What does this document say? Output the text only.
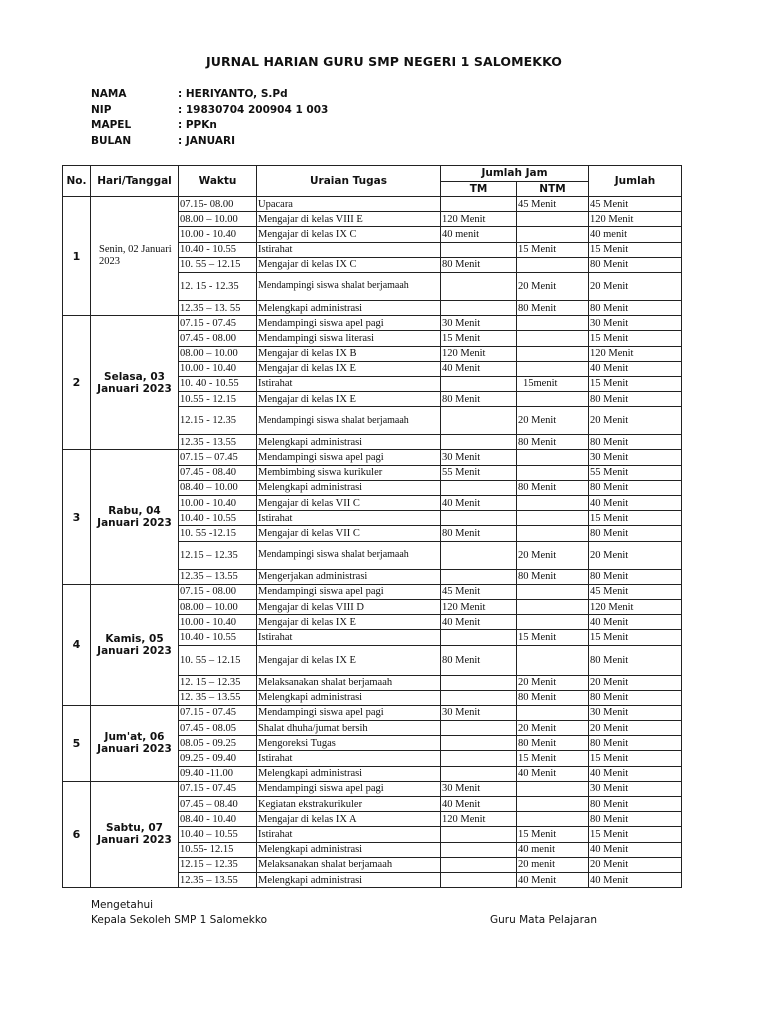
JURNAL HARIAN GURU SMP NEGERI 1 SALOMEKKO
NAMA	: HERIYANTO, S.Pd
NIP	: 19830704 200904 1 003
MAPEL	: PPKn
BULAN	: JANUARI
No.	Hari/Tanggal	Waktu	Uraian Tugas	Jumlah Jam		Jumlah
				TM	NTM	
1	Senin, 02 Januari 2023	07.15- 08.00	Upacara		45 Menit	45 Menit
		08.00 – 10.00	Mengajar di kelas VIII E	120 Menit		120 Menit
		10.00 - 10.40	Mengajar di kelas IX C	40 menit		40 menit
		10.40 - 10.55	Istirahat		15 Menit	15 Menit
		10. 55 – 12.15	Mengajar di kelas IX C	80 Menit		80 Menit
		12. 15 - 12.35	Mendampingi siswa shalat berjamaah		20 Menit	20 Menit
		12.35 – 13. 55	Melengkapi administrasi		80 Menit	80 Menit
2	Selasa, 03 Januari 2023	07.15 - 07.45	Mendampingi siswa apel pagi	30 Menit		30 Menit
		07.45 - 08.00	Mendampingi siswa literasi	15 Menit		15 Menit
		08.00 – 10.00	Mengajar di kelas IX B	120 Menit		120 Menit
		10.00 - 10.40	Mengajar di kelas IX E	40 Menit		40 Menit
		10. 40 - 10.55	Istirahat		15menit	15 Menit
		10.55 - 12.15	Mengajar di kelas IX E	80 Menit		80 Menit
		12.15 - 12.35	Mendampingi siswa shalat berjamaah		20 Menit	20 Menit
		12.35 - 13.55	Melengkapi administrasi		80 Menit	80 Menit
3	Rabu, 04 Januari 2023	07.15 – 07.45	Mendampingi siswa apel pagi	30 Menit		30 Menit
		07.45 - 08.40	Membimbing siswa kurikuler	55 Menit		55 Menit
		08.40 – 10.00	Melengkapi administrasi		80 Menit	80 Menit
		10.00 - 10.40	Mengajar di kelas VII C	40 Menit		40 Menit
		10.40 - 10.55	Istirahat			15 Menit
		10. 55 -12.15	Mengajar di kelas VII C	80 Menit		80 Menit
		12.15 – 12.35	Mendampingi siswa shalat berjamaah		20 Menit	20 Menit
		12.35 – 13.55	Mengerjakan administrasi		80 Menit	80 Menit
4	Kamis, 05 Januari 2023	07.15 - 08.00	Mendampingi siswa apel pagi	45 Menit		45 Menit
		08.00 – 10.00	Mengajar di kelas VIII D	120 Menit		120 Menit
		10.00 - 10.40	Mengajar di kelas IX E	40 Menit		40 Menit
		10.40 - 10.55	Istirahat		15 Menit	15 Menit
		10. 55 – 12.15	Mengajar di kelas IX E	80 Menit		80 Menit
		12. 15 – 12.35	Melaksanakan shalat berjamaah		20 Menit	20 Menit
		12. 35 – 13.55	Melengkapi administrasi		80 Menit	80 Menit
5	Jum'at, 06 Januari 2023	07.15 - 07.45	Mendampingi siswa apel pagi	30 Menit		30 Menit
		07.45 - 08.05	Shalat dhuha/jumat bersih		20 Menit	20 Menit
		08.05 - 09.25	Mengoreksi Tugas		80 Menit	80 Menit
		09.25 - 09.40	Istirahat		15 Menit	15 Menit
		09.40 -11.00	Melengkapi administrasi		40 Menit	40 Menit
6	Sabtu, 07 Januari 2023	07.15 - 07.45	Mendampingi siswa apel pagi	30 Menit		30 Menit
		07.45 – 08.40	Kegiatan ekstrakurikuler	40 Menit		80 Menit
		08.40 - 10.40	Mengajar di kelas IX A	120 Menit		80 Menit
		10.40 – 10.55	Istirahat		15 Menit	15 Menit
		10.55- 12.15	Melengkapi administrasi		40 menit	40 Menit
		12.15 – 12.35	Melaksanakan shalat berjamaah		20 menit	20 Menit
		12.35 – 13.55	Melengkapi administrasi		40 Menit	40 Menit
Mengetahui
Kepala Sekoleh SMP 1 Salomekko	Guru Mata Pelajaran
